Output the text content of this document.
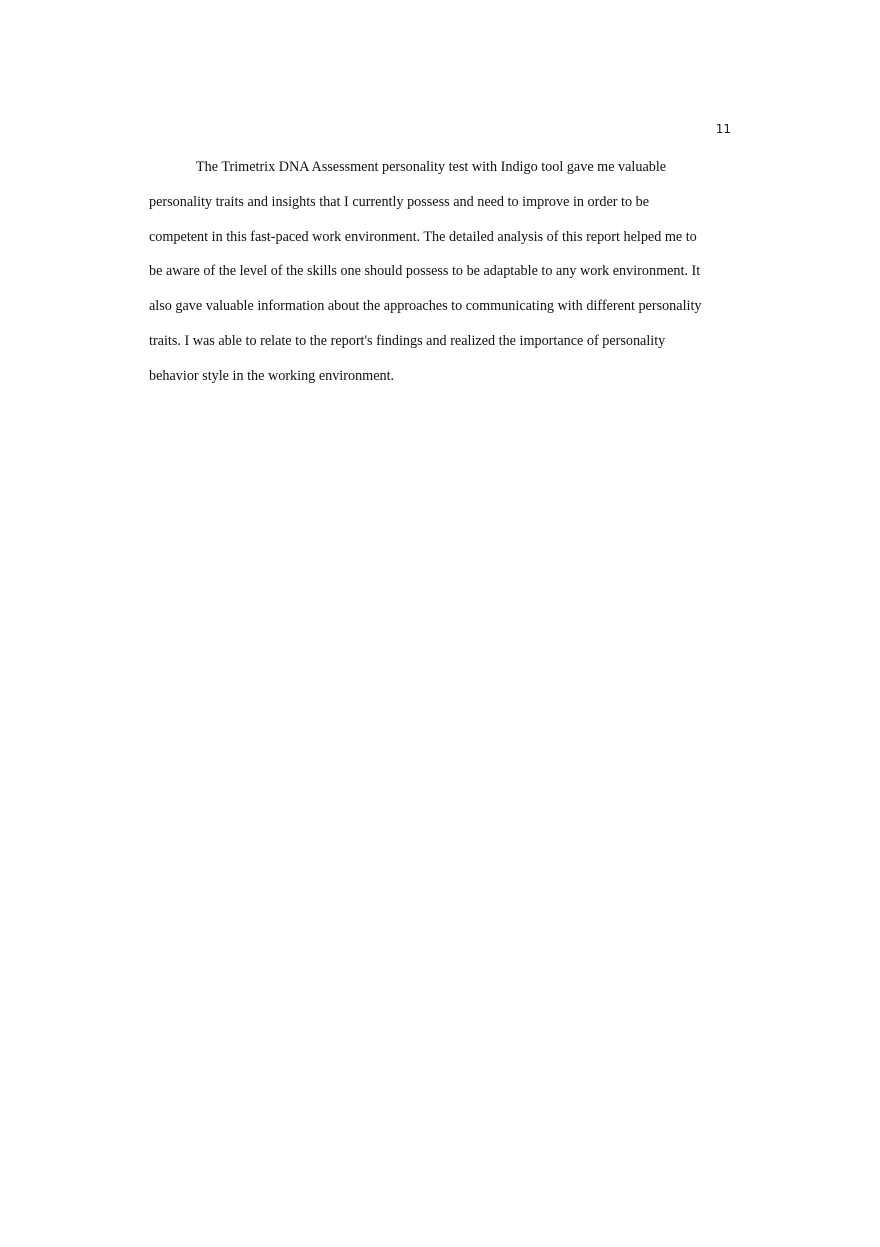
11
The Trimetrix DNA Assessment personality test with Indigo tool gave me valuable
personality traits and insights that I currently possess and need to improve in order to be
competent in this fast-paced work environment. The detailed analysis of this report helped me to
be aware of the level of the skills one should possess to be adaptable to any work environment. It
also gave valuable information about the approaches to communicating with different personality
traits. I was able to relate to the report's findings and realized the importance of personality
behavior style in the working environment.
